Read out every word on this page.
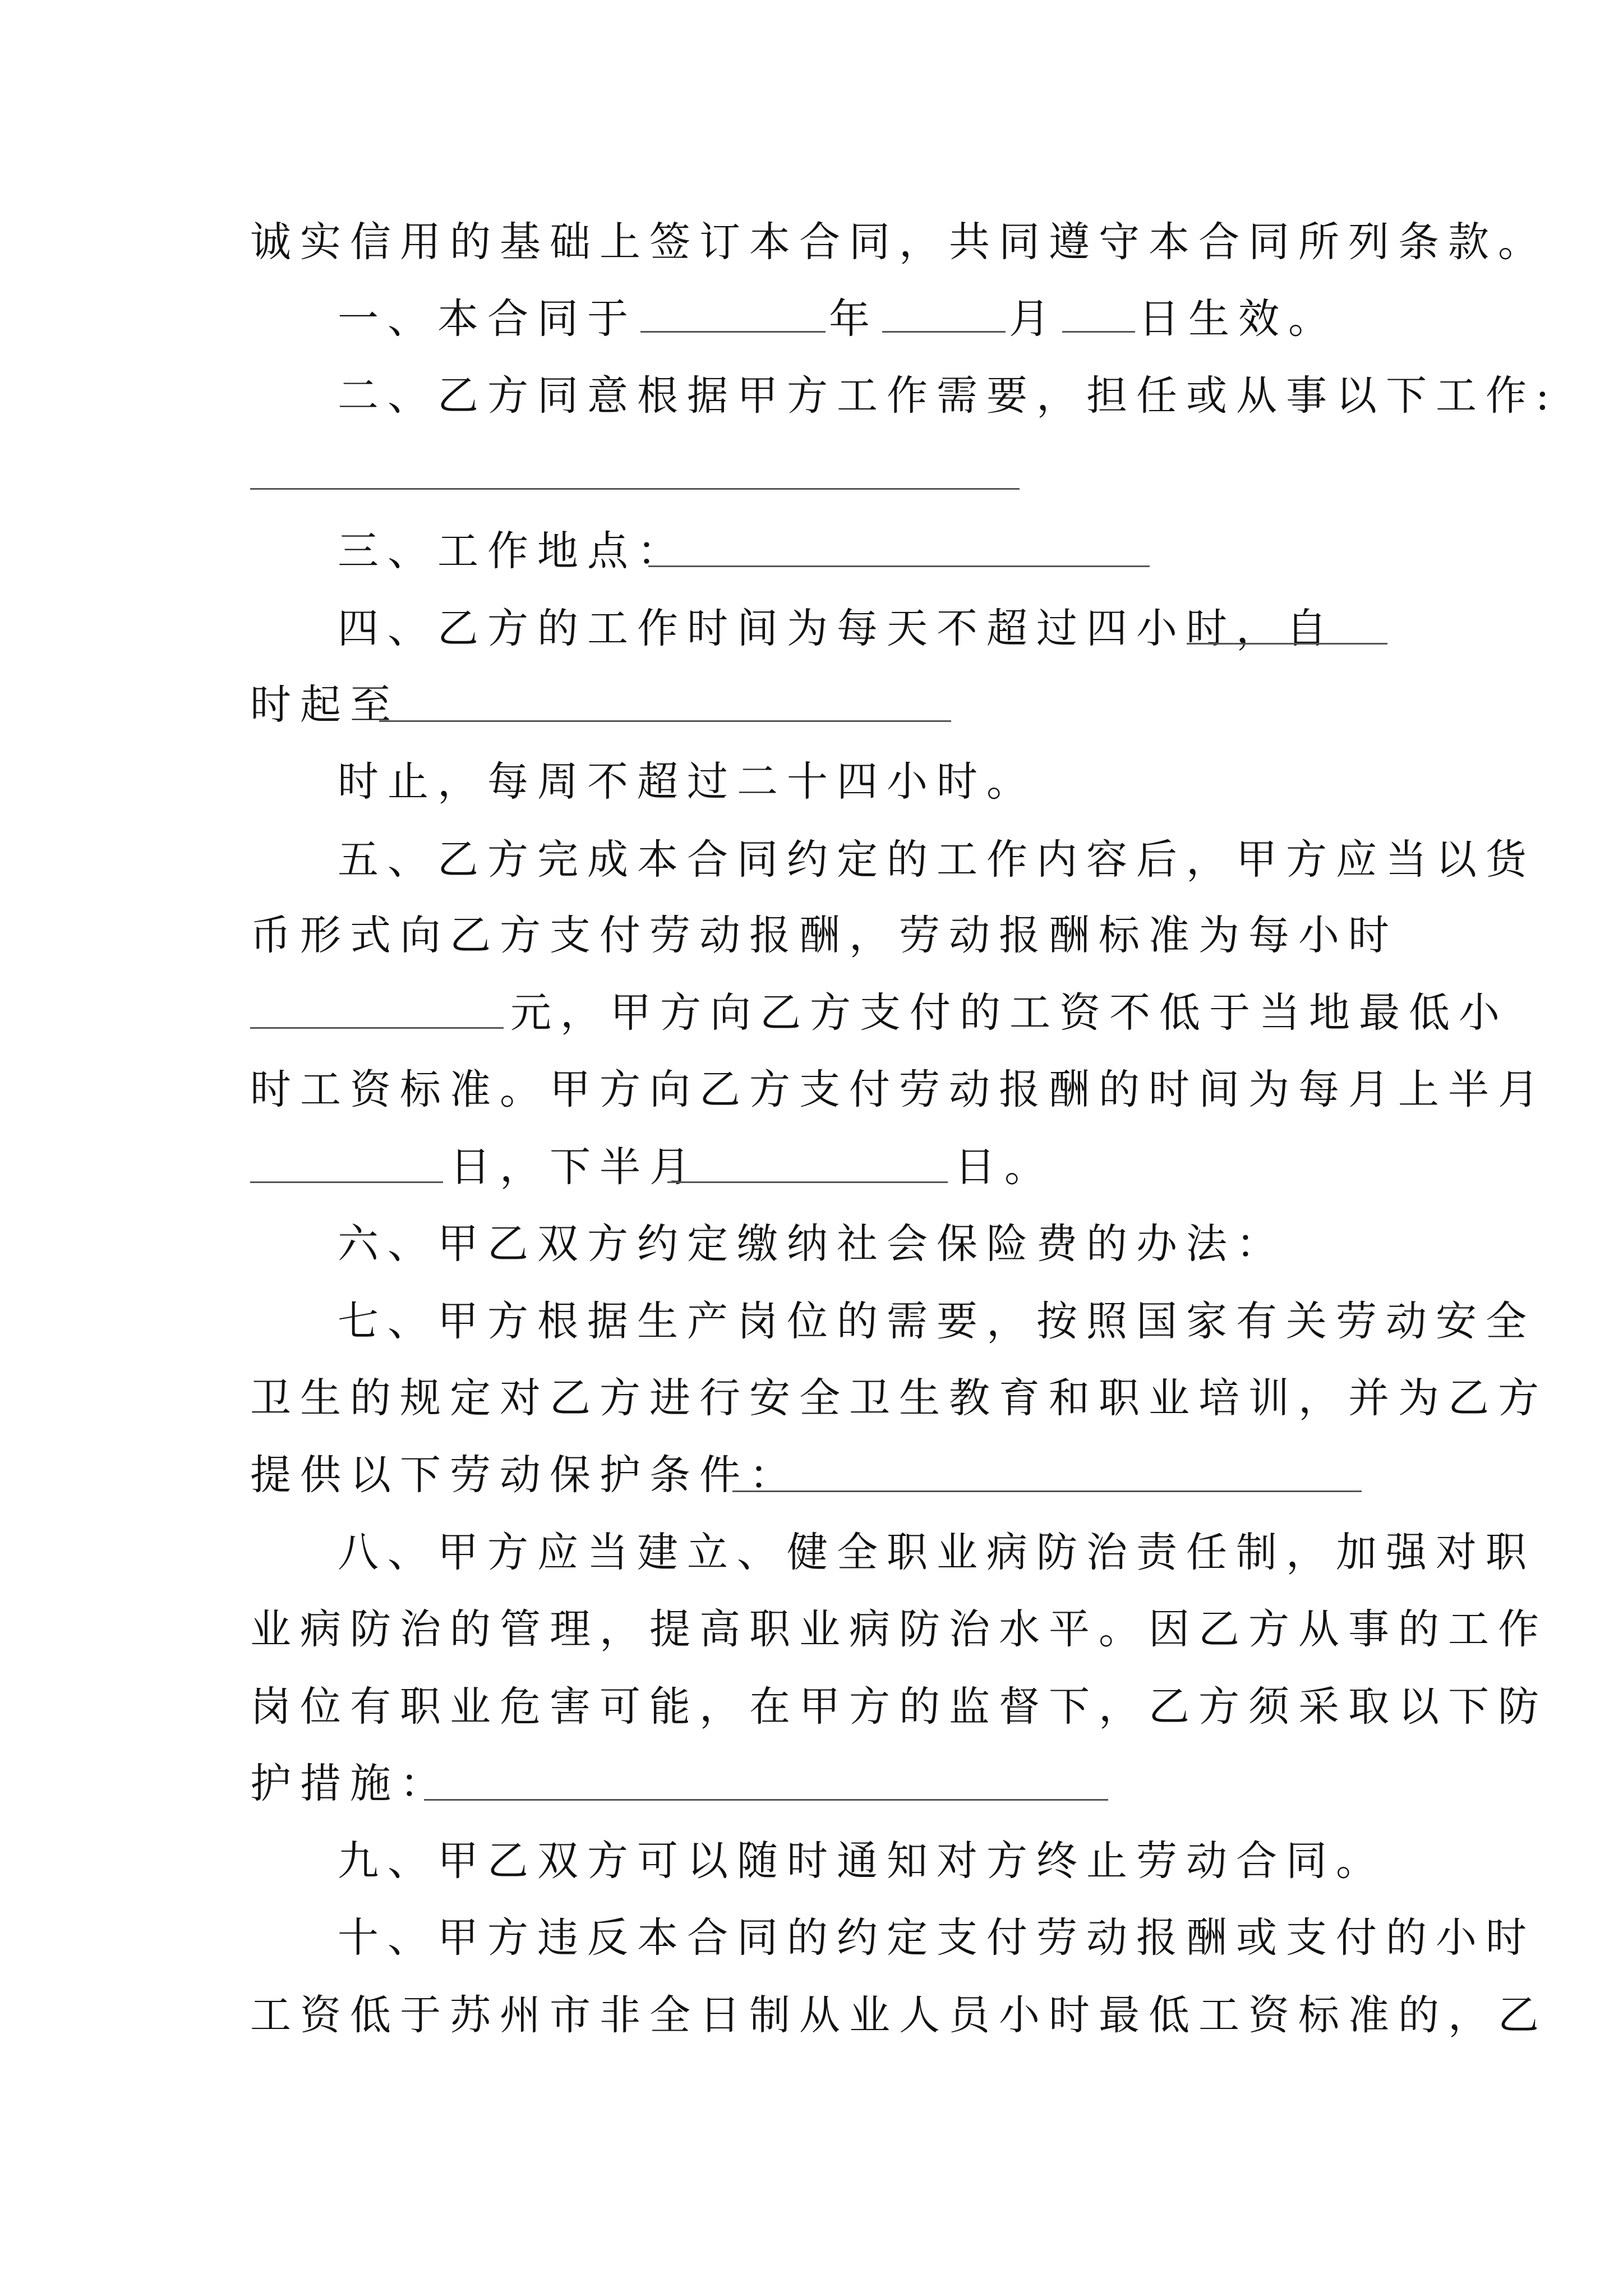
诚实信用的基础上签订本合同，共同遵守本合同所列条款。
一、本合同于	年	月 日生效。
二、乙方同意根据甲方工作需要，担任或从事以下工作:
三、工作地点：
四、乙方的工作时间为每天不超过四小时，自
时起至
时止，每周不超过二十四小时。
五、乙方完成本合同约定的工作内容后，甲方应当以货
币形式向乙方支付劳动报酬，劳动报酬标准为每小时
元，甲方向乙方支付的工资不低于当地最低小
时工资标准。甲方向乙方支付劳动报酬的时间为每月上半月
日，下半月	日。
六、甲乙双方约定缴纳社会保险费的办法：
七、甲方根据生产岗位的需要，按照国家有关劳动安全
卫生的规定对乙方进行安全卫生教育和职业培训，并为乙方
提供以下劳动保护条件：
八、甲方应当建立、健全职业病防治责任制，加强对职
业病防治的管理，提高职业病防治水平。因乙方从事的工作
岗位有职业危害可能，在甲方的监督下，乙方须采取以下防
护措施：
九、甲乙双方可以随时通知对方终止劳动合同。
十、甲方违反本合同的约定支付劳动报酬或支付的小时
工资低于苏州市非全日制从业人员小时最低工资标准的，乙
